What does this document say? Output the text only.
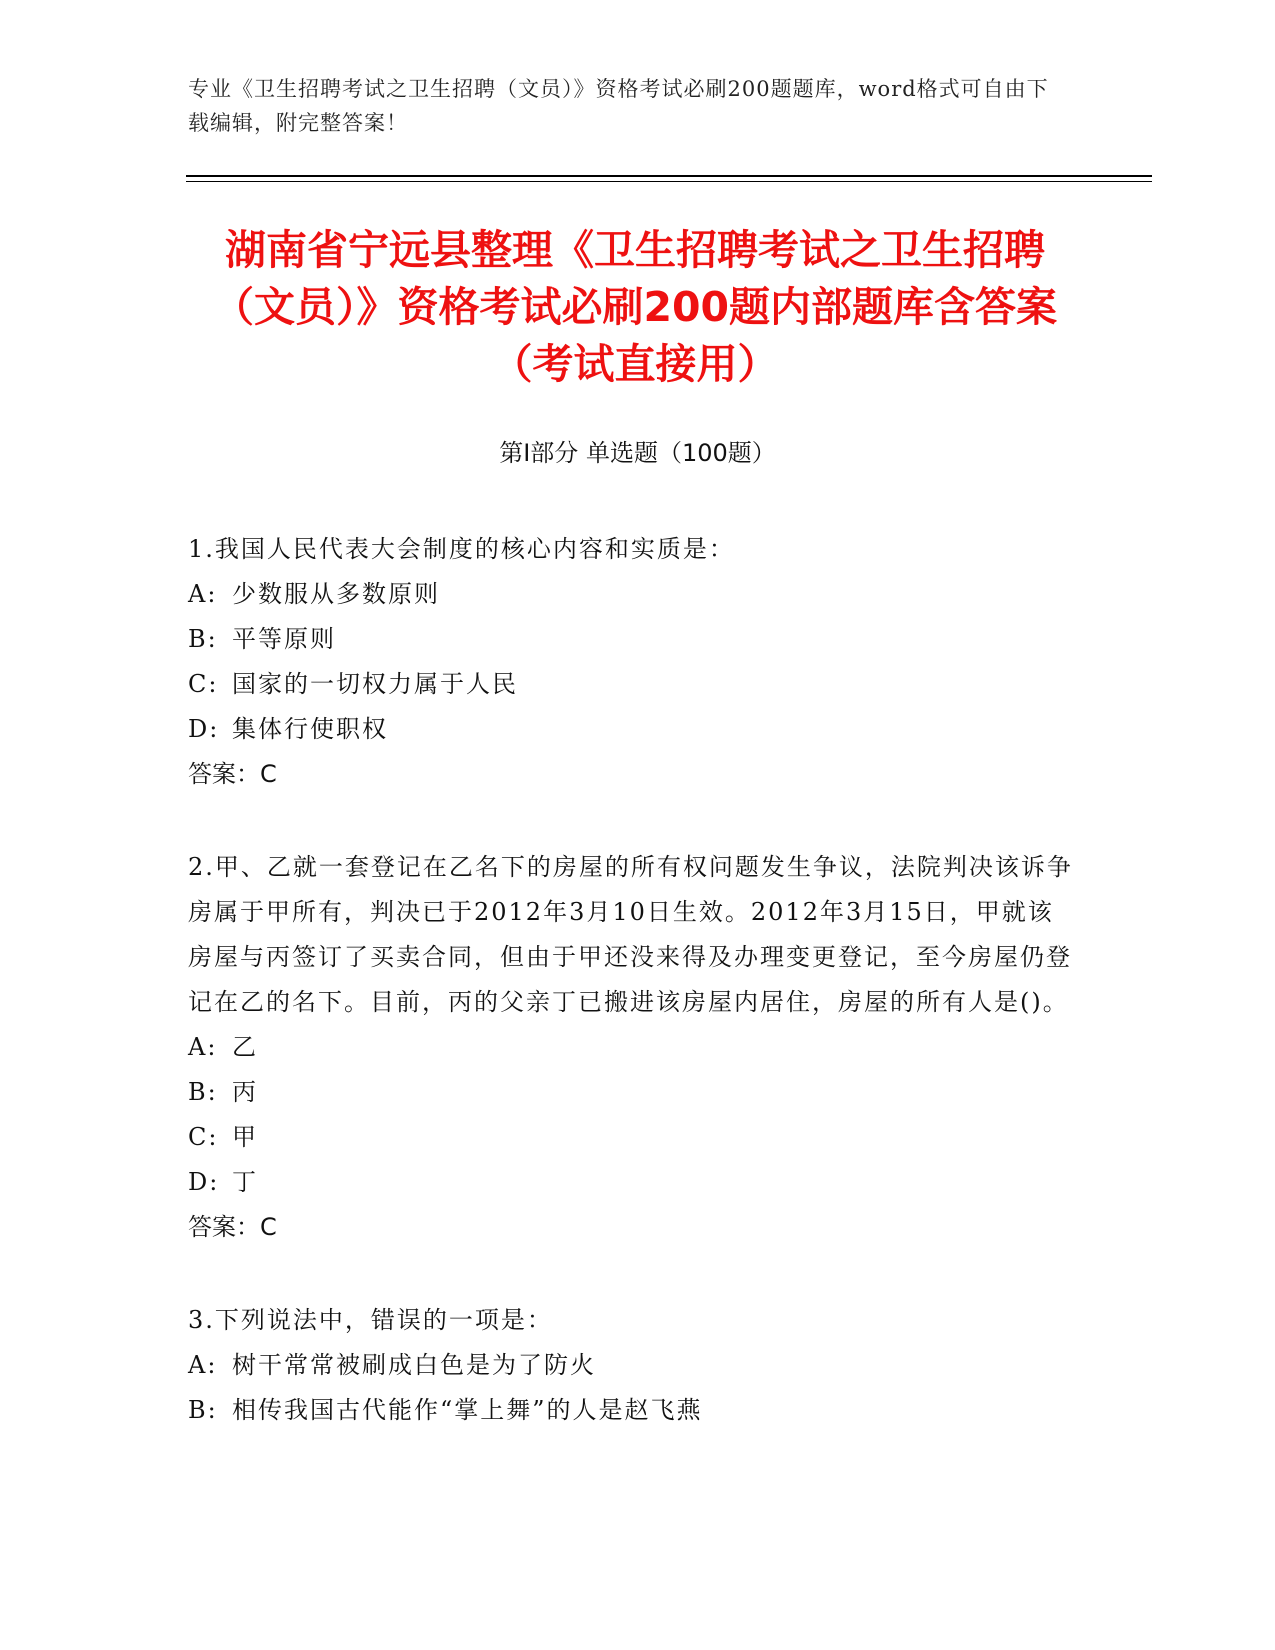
专业《卫生招聘考试之卫生招聘（文员）》资格考试必刷200题题库，word格式可自由下载编辑，附完整答案！
湖南省宁远县整理《卫生招聘考试之卫生招聘（文员）》资格考试必刷200题内部题库含答案（考试直接用）
第Ⅰ部分 单选题（100题）

1.我国人民代表大会制度的核心内容和实质是：

A: 少数服从多数原则

B: 平等原则

C: 国家的一切权力属于人民

D: 集体行使职权

答案：C

2.甲、乙就一套登记在乙名下的房屋的所有权问题发生争议，法院判决该诉争房属于甲所有，判决已于2012年3月10日生效。2012年3月15日，甲就该房屋与丙签订了买卖合同，但由于甲还没来得及办理变更登记，至今房屋仍登记在乙的名下。目前，丙的父亲丁已搬进该房屋内居住，房屋的所有人是()。

A: 乙

B: 丙

C: 甲

D: 丁

答案：C

3.下列说法中，错误的一项是：

A: 树干常常被刷成白色是为了防火

B: 相传我国古代能作“掌上舞”的人是赵飞燕
